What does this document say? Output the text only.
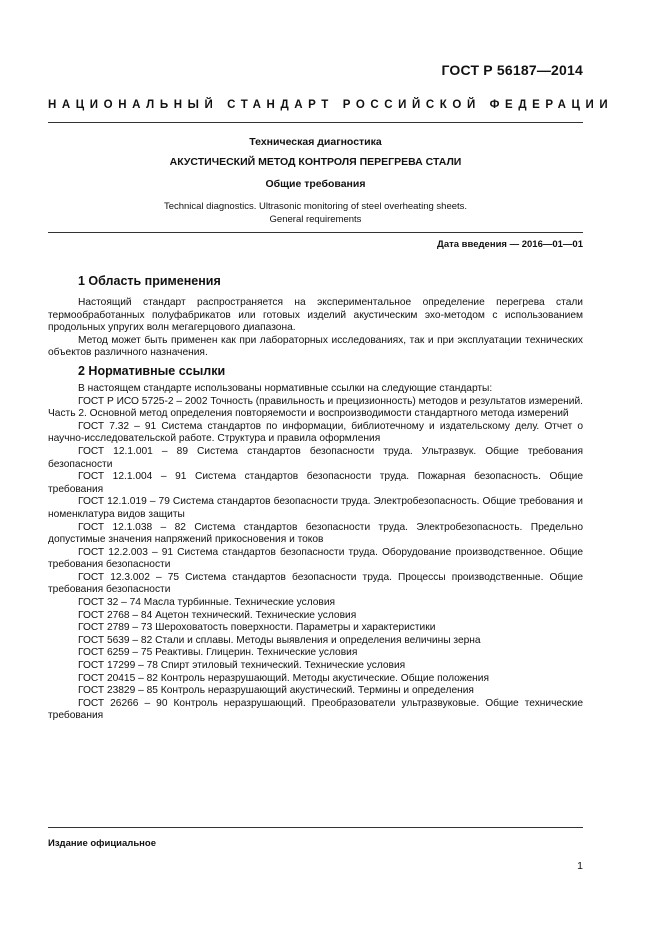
ГОСТ Р 56187—2014
НАЦИОНАЛЬНЫЙ СТАНДАРТ РОССИЙСКОЙ ФЕДЕРАЦИИ

Техническая диагностика

АКУСТИЧЕСКИЙ МЕТОД КОНТРОЛЯ ПЕРЕГРЕВА СТАЛИ

Общие требования

Technical diagnostics. Ultrasonic monitoring of steel overheating sheets.

General requirements

Дата введения — 2016—01—01
1 Область применения

Настоящий стандарт распространяется на экспериментальное определение перегрева стали термообработанных полуфабрикатов или готовых изделий акустическим эхо-методом с использованием продольных упругих волн мегагерцового диапазона.

Метод может быть применен как при лабораторных исследованиях, так и при эксплуатации технических объектов различного назначения.

2 Нормативные ссылки

В настоящем стандарте использованы нормативные ссылки на следующие стандарты:

ГОСТ Р ИСО 5725-2 – 2002 Точность (правильность и прецизионность) методов и результатов измерений. Часть 2. Основной метод определения повторяемости и воспроизводимости стандартного метода измерений

ГОСТ 7.32 – 91 Система стандартов по информации, библиотечному и издательскому делу. Отчет о научно-исследовательской работе. Структура и правила оформления

ГОСТ 12.1.001 – 89 Система стандартов безопасности труда. Ультразвук. Общие требования безопасности

ГОСТ 12.1.004 – 91 Система стандартов безопасности труда. Пожарная безопасность. Общие требования

ГОСТ 12.1.019 – 79 Система стандартов безопасности труда. Электробезопасность. Общие требования и номенклатура видов защиты

ГОСТ 12.1.038 – 82 Система стандартов безопасности труда. Электробезопасность. Предельно допустимые значения напряжений прикосновения и токов

ГОСТ 12.2.003 – 91 Система стандартов безопасности труда. Оборудование производственное. Общие требования безопасности

ГОСТ 12.3.002 – 75 Система стандартов безопасности труда. Процессы производственные. Общие требования безопасности

ГОСТ 32 – 74 Масла турбинные. Технические условия

ГОСТ 2768 – 84 Ацетон технический. Технические условия

ГОСТ 2789 – 73 Шероховатость поверхности. Параметры и характеристики

ГОСТ 5639 – 82 Стали и сплавы. Методы выявления и определения величины зерна

ГОСТ 6259 – 75 Реактивы. Глицерин. Технические условия

ГОСТ 17299 – 78 Спирт этиловый технический. Технические условия

ГОСТ 20415 – 82 Контроль неразрушающий. Методы акустические. Общие положения

ГОСТ 23829 – 85 Контроль неразрушающий акустический. Термины и определения

ГОСТ 26266 – 90 Контроль неразрушающий. Преобразователи ультразвуковые. Общие технические требования

Издание официальное
1
